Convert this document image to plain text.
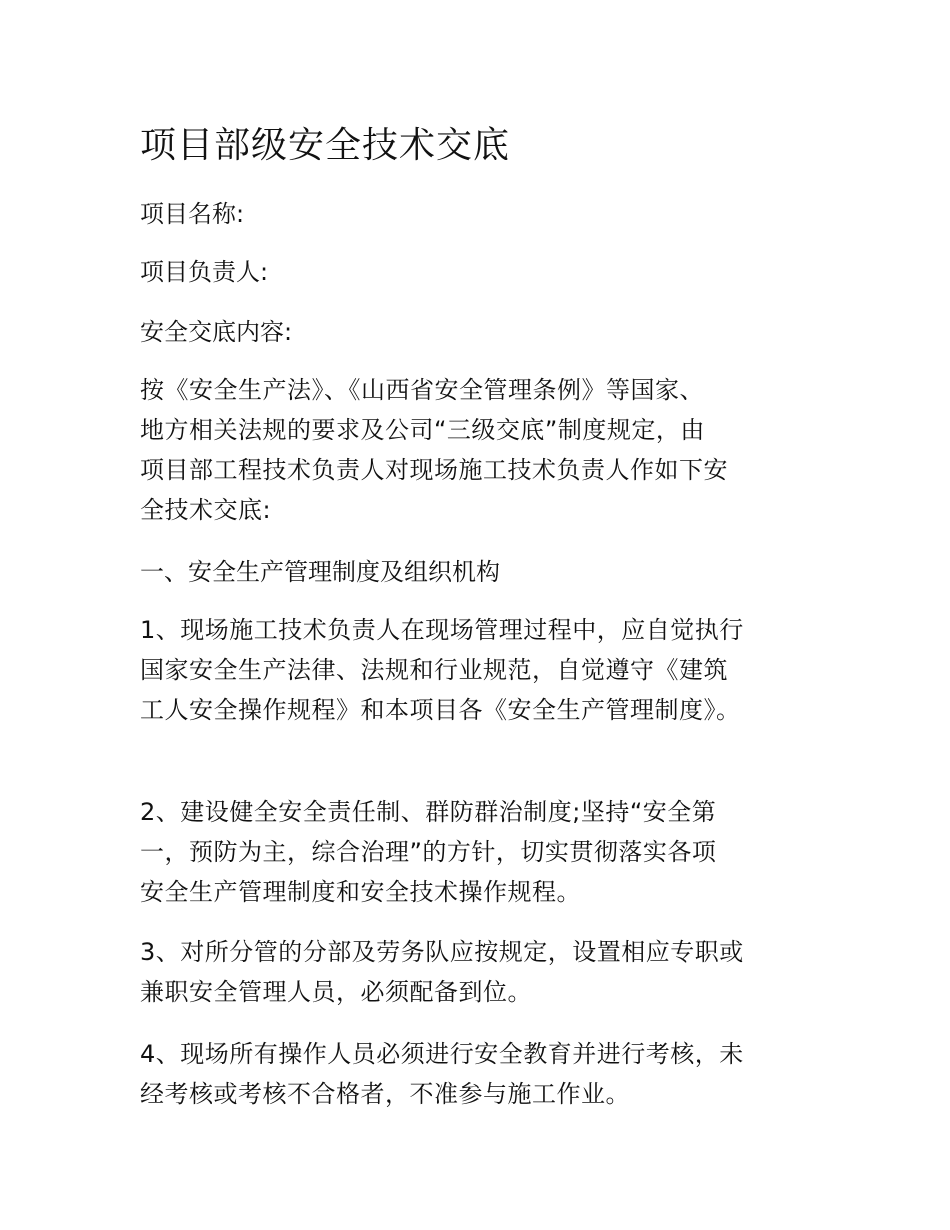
项目部级安全技术交底

项目名称:

项目负责人:

安全交底内容:

按《安全生产法》、《山西省安全管理条例》等国家、
地方相关法规的要求及公司“三级交底”制度规定，由
项目部工程技术负责人对现场施工技术负责人作如下安
全技术交底:

一、安全生产管理制度及组织机构

1、现场施工技术负责人在现场管理过程中，应自觉执行
国家安全生产法律、法规和行业规范，自觉遵守《建筑
工人安全操作规程》和本项目各《安全生产管理制度》。
2、建设健全安全责任制、群防群治制度;坚持“安全第
一，预防为主，综合治理”的方针，切实贯彻落实各项
安全生产管理制度和安全技术操作规程。
3、对所分管的分部及劳务队应按规定，设置相应专职或
兼职安全管理人员，必须配备到位。
4、现场所有操作人员必须进行安全教育并进行考核，未
经考核或考核不合格者，不准参与施工作业。
